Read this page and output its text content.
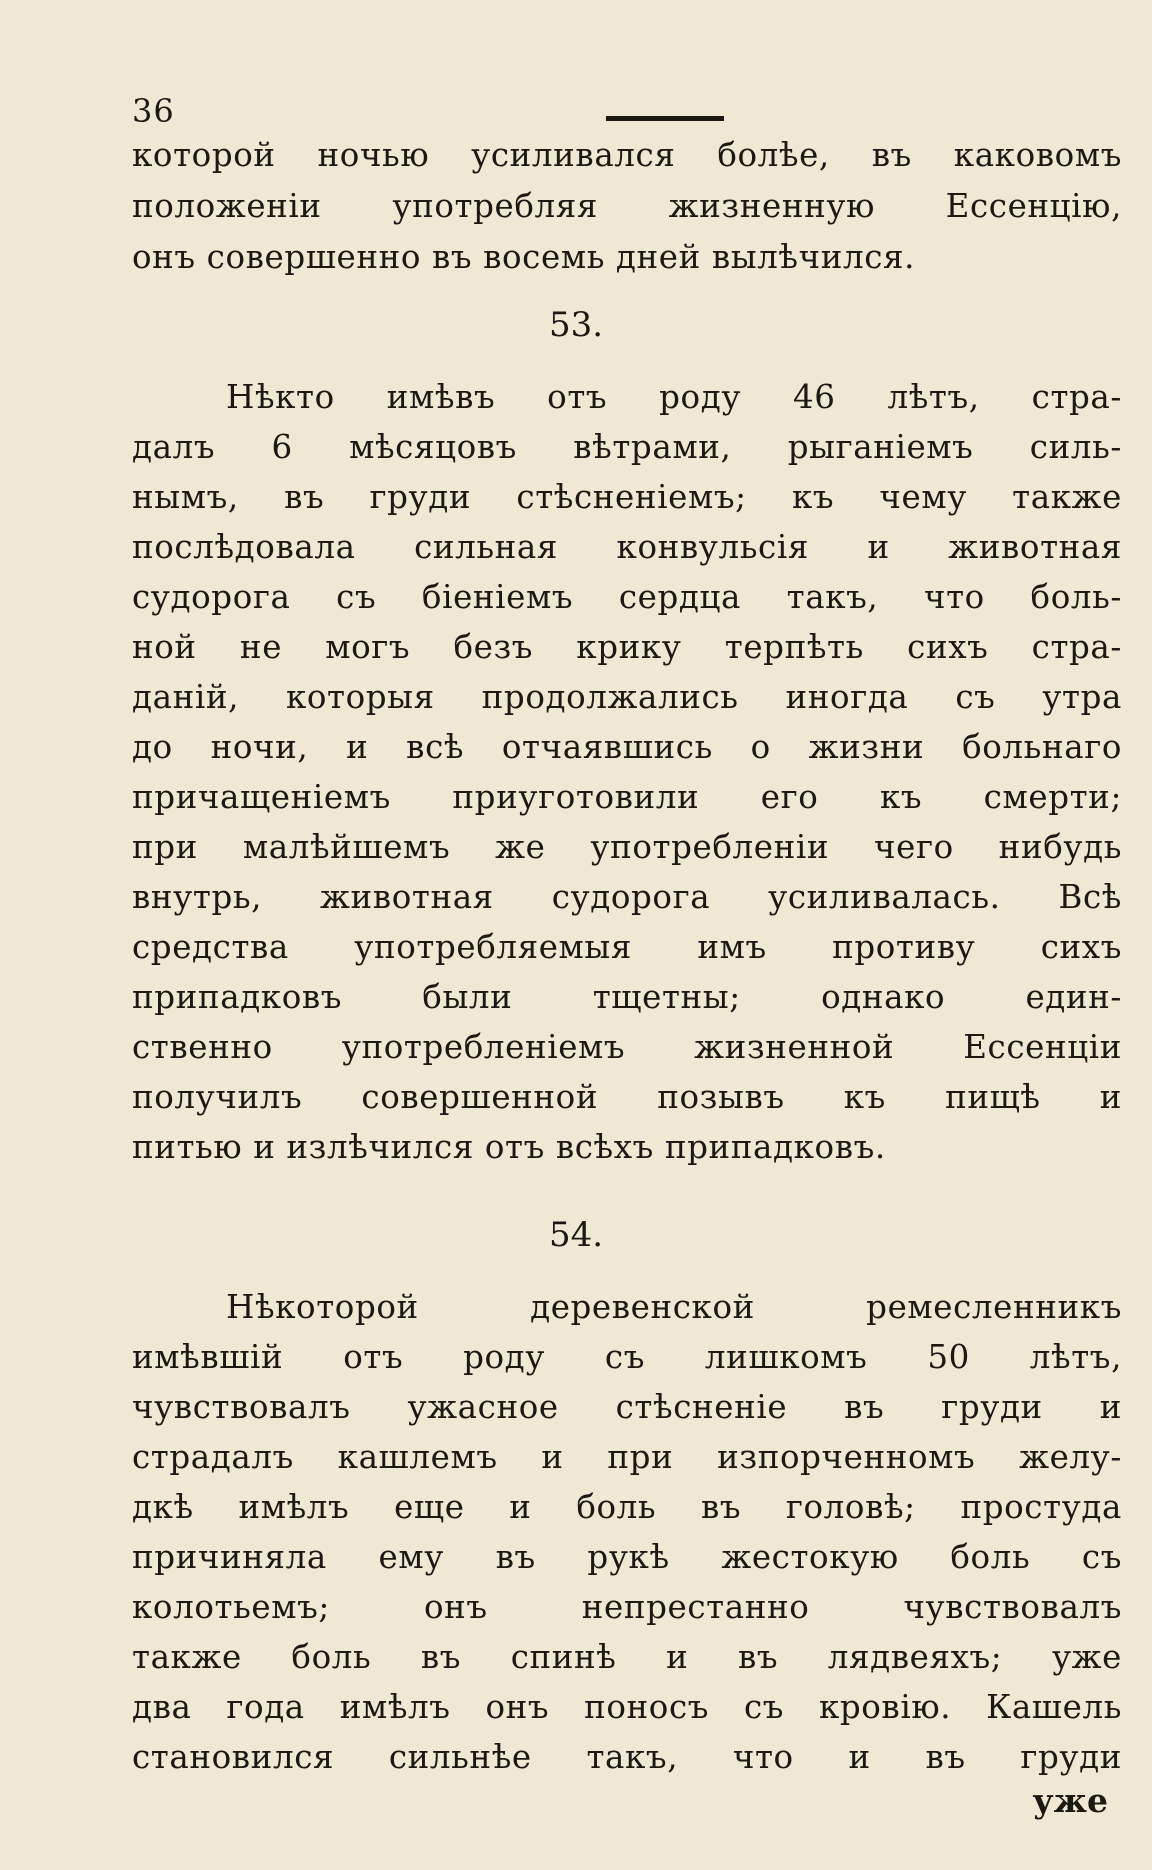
36
которой ночью усиливался болѣе, въ каковомъ
положеніи употребляя жизненную Ессенцію,
онъ совершенно въ восемь дней вылѣчился.
53.
Нѣкто имѣвъ отъ роду 46 лѣтъ, стра-
далъ 6 мѣсяцовъ вѣтрами, рыганіемъ силь-
нымъ, въ груди стѣсненіемъ; къ чему также
послѣдовала сильная конвульсія и животная
судорога съ біеніемъ сердца такъ, что боль-
ной не могъ безъ крику терпѣть сихъ стра-
даній, которыя продолжались иногда съ утра
до ночи, и всѣ отчаявшись о жизни больнаго
причащеніемъ приуготовили его къ смерти;
при малѣйшемъ же употребленіи чего нибудь
внутрь, животная судорога усиливалась. Всѣ
средства употребляемыя имъ противу сихъ
припадковъ были тщетны; однако един-
ственно употребленіемъ жизненной Ессенціи
получилъ совершенной позывъ къ пищѣ и
питью и излѣчился отъ всѣхъ припадковъ.
54.
Нѣкоторой деревенской ремесленникъ
имѣвшій отъ роду съ лишкомъ 50 лѣтъ,
чувствовалъ ужасное стѣсненіе въ груди и
страдалъ кашлемъ и при изпорченномъ желу-
дкѣ имѣлъ еще и боль въ головѣ; простуда
причиняла ему въ рукѣ жестокую боль съ
колотьемъ; онъ непрестанно чувствовалъ
также боль въ спинѣ и въ лядвеяхъ; уже
два года имѣлъ онъ поносъ съ кровію. Кашель
становился сильнѣе такъ, что и въ груди
уже
